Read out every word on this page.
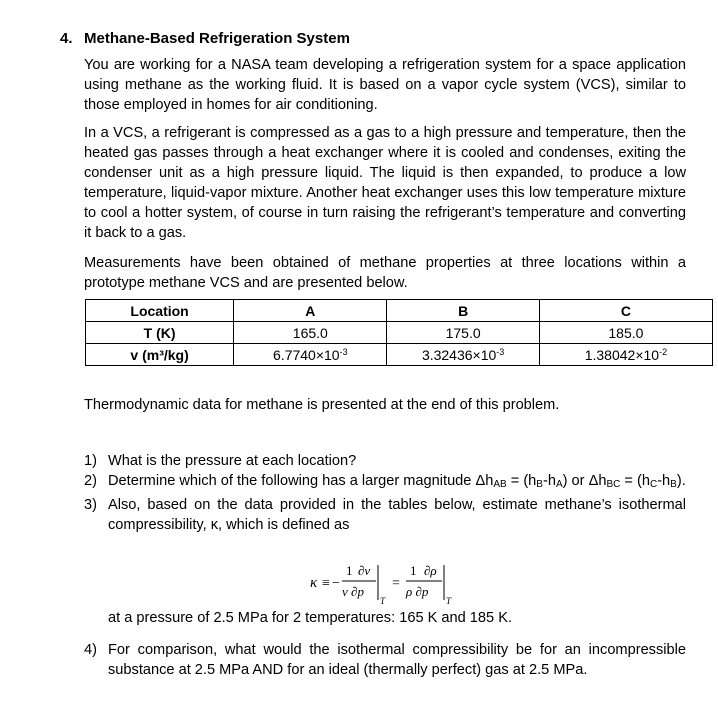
4. Methane-Based Refrigeration System

You are working for a NASA team developing a refrigeration system for a space application using methane as the working fluid. It is based on a vapor cycle system (VCS), similar to those employed in homes for air conditioning.

In a VCS, a refrigerant is compressed as a gas to a high pressure and temperature, then the heated gas passes through a heat exchanger where it is cooled and condenses, exiting the condenser unit as a high pressure liquid. The liquid is then expanded, to produce a low temperature, liquid-vapor mixture. Another heat exchanger uses this low temperature mixture to cool a hotter system, of course in turn raising the refrigerant’s temperature and converting it back to a gas.

Measurements have been obtained of methane properties at three locations within a prototype methane VCS and are presented below.

Location	A	B	C
T (K)	165.0	175.0	185.0
v (m³/kg)	$6.7740\times 10^{-3}$	$3.32436\times 10^{-3}$	$1.38042\times 10^{-2}$
Thermodynamic data for methane is presented at the end of this problem.
1) What is the pressure at each location?
2) Determine which of the following has a larger magnitude $\Delta h_{AB} = (h_B-h_A)$ or $\Delta h_{BC} = (h_C-h_B)$.
3) Also, based on the data provided in the tables below, estimate methane’s isothermal compressibility, κ, which is defined as
κ ≡ −
1 ∂v
v ∂p
T
=
1 ∂ρ
ρ ∂p
T
at a pressure of 2.5 MPa for 2 temperatures: 165 K and 185 K.
4) For comparison, what would the isothermal compressibility be for an incompressible substance at 2.5 MPa AND for an ideal (thermally perfect) gas at 2.5 MPa.
